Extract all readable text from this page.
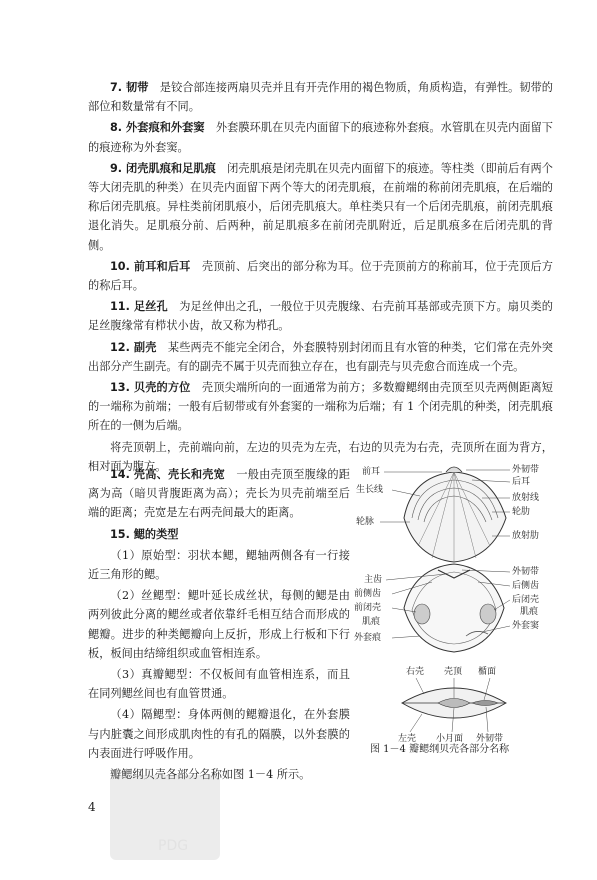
7. 韧带　 是铰合部连接两扇贝壳并且有开壳作用的褐色物质，角质构造，有弹性。韧带的部位和数量常有不同。

8. 外套痕和外套窦　 外套膜环肌在贝壳内面留下的痕迹称外套痕。水管肌在贝壳内面留下的痕迹称为外套窦。

9. 闭壳肌痕和足肌痕　 闭壳肌痕是闭壳肌在贝壳内面留下的痕迹。等柱类（即前后有两个等大闭壳肌的种类）在贝壳内面留下两个等大的闭壳肌痕，在前端的称前闭壳肌痕，在后端的称后闭壳肌痕。异柱类前闭肌痕小，后闭壳肌痕大。单柱类只有一个后闭壳肌痕，前闭壳肌痕退化消失。足肌痕分前、后两种，前足肌痕多在前闭壳肌附近，后足肌痕多在后闭壳肌的背侧。

10. 前耳和后耳　 壳顶前、后突出的部分称为耳。位于壳顶前方的称前耳，位于壳顶后方的称后耳。

11. 足丝孔　 为足丝伸出之孔，一般位于贝壳腹缘、右壳前耳基部或壳顶下方。扇贝类的足丝腹缘常有栉状小齿，故又称为栉孔。

12. 副壳　 某些两壳不能完全闭合，外套膜特别封闭而且有水管的种类，它们常在壳外突出部分产生副壳。有的副壳不属于贝壳而独立存在，也有副壳与贝壳愈合而连成一个壳。

13. 贝壳的方位　 壳顶尖端所向的一面通常为前方；多数瓣鳃纲由壳顶至贝壳两侧距离短的一端称为前端；一般有后韧带或有外套窦的一端称为后端；有 1 个闭壳肌的种类，闭壳肌痕所在的一侧为后端。

将壳顶朝上，壳前端向前，左边的贝壳为左壳，右边的贝壳为右壳，壳顶所在面为背方，相对面为腹方。

14. 壳高、壳长和壳宽　 一般由壳顶至腹缘的距离为高（暗贝背腹距离为高）；壳长为贝壳前端至后端的距离；壳宽是左右两壳间最大的距离。

15. 鳃的类型

（1）原始型：羽状本鳃，鳃轴两侧各有一行接近三角形的鳃。

（2）丝鳃型：鳃叶延长成丝状，每侧的鳃是由两列彼此分离的鳃丝或者依靠纤毛相互结合而形成的鳃瓣。进步的种类鳃瓣向上反折，形成上行板和下行板，板间由结缔组织或血管相连系。

（3）真瓣鳃型：不仅板间有血管相连系，而且在同列鳃丝间也有血管贯通。

（4）隔鳃型：身体两侧的鳃瓣退化，在外套膜与内脏囊之间形成肌肉性的有孔的隔膜，以外套膜的内表面进行呼吸作用。

瓣鳃纲贝壳各部分名称如图 1－4 所示。

前耳
生长线
轮脉
外韧带
后耳
放射线
轮肋
放射肋
主齿
前侧齿
前闭壳
肌痕
外套痕
外韧带
后侧齿
后闭壳
肌痕
外套窦
右壳 壳顶 楯面
左壳 小月面 外韧带
图 1－4 瓣鳃纲贝壳各部分名称
PDG
4
